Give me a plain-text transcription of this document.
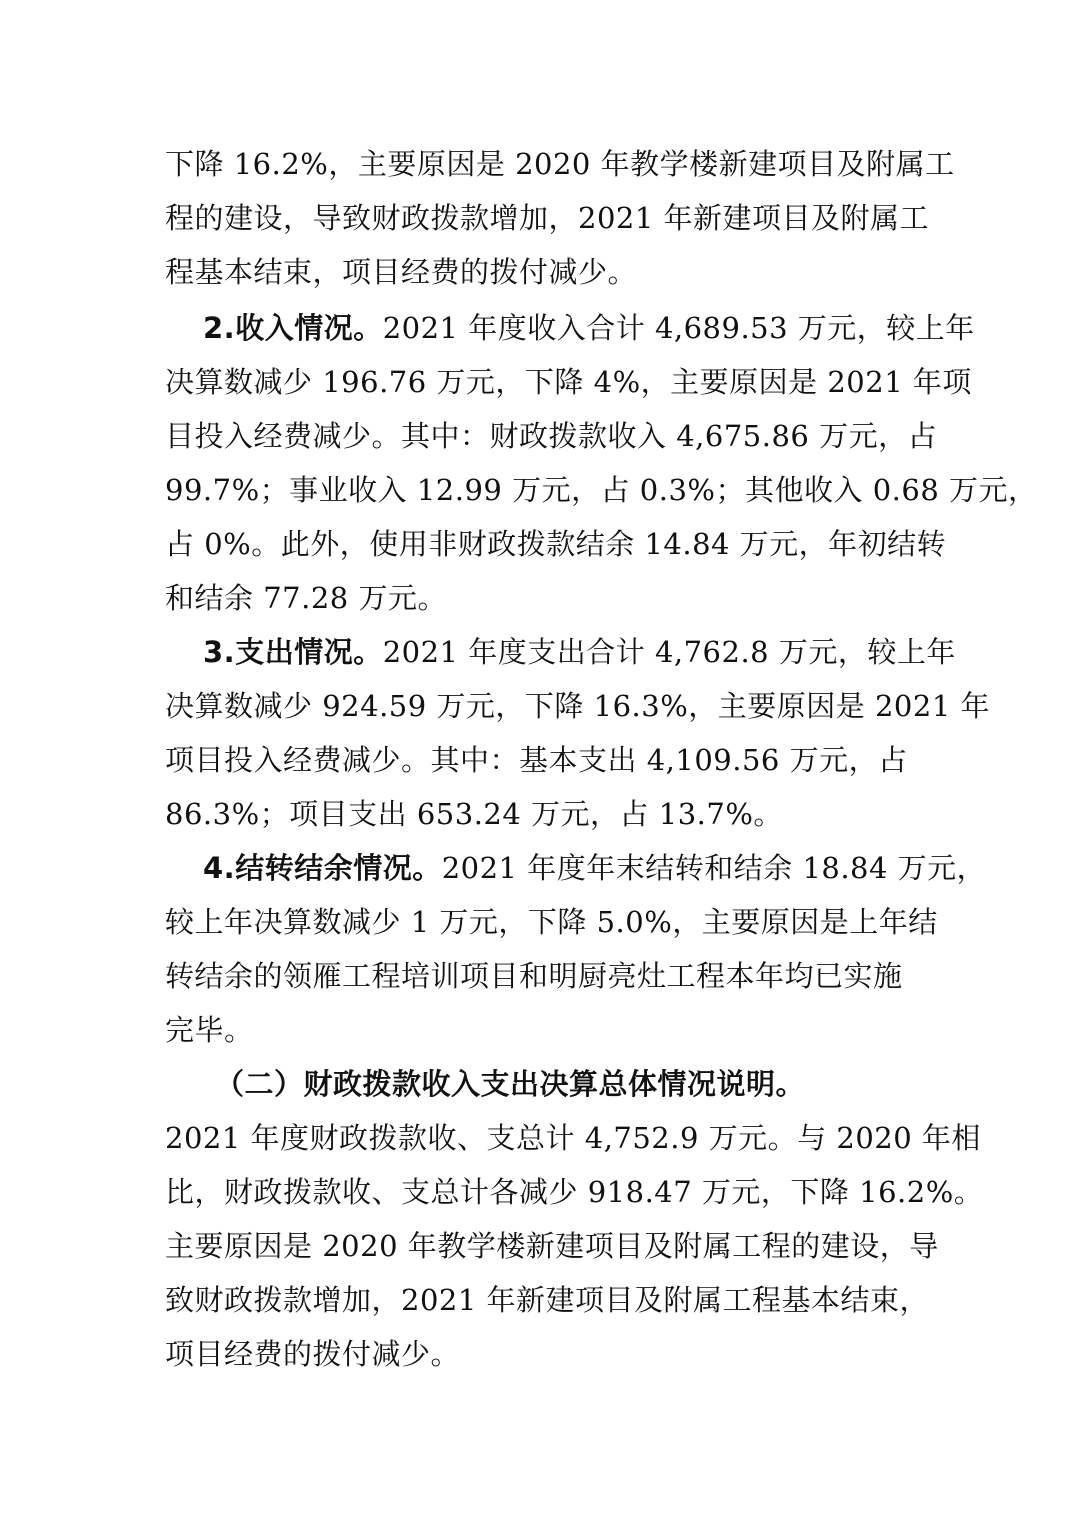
下降 16.2%，主要原因是 2020 年教学楼新建项目及附属工
程的建设，导致财政拨款增加，2021 年新建项目及附属工
程基本结束，项目经费的拨付减少。
2.收入情况。2021 年度收入合计 4,689.53 万元，较上年
决算数减少 196.76 万元，下降 4%，主要原因是 2021 年项
目投入经费减少。其中：财政拨款收入 4,675.86 万元，占
99.7%；事业收入 12.99 万元，占 0.3%；其他收入 0.68 万元，
占 0%。此外，使用非财政拨款结余 14.84 万元，年初结转
和结余 77.28 万元。
3.支出情况。2021 年度支出合计 4,762.8 万元，较上年
决算数减少 924.59 万元，下降 16.3%，主要原因是 2021 年
项目投入经费减少。其中：基本支出 4,109.56 万元，占
86.3%；项目支出 653.24 万元，占 13.7%。
4.结转结余情况。2021 年度年末结转和结余 18.84 万元，
较上年决算数减少 1 万元，下降 5.0%，主要原因是上年结
转结余的领雁工程培训项目和明厨亮灶工程本年均已实施
完毕。
（二）财政拨款收入支出决算总体情况说明。
2021 年度财政拨款收、支总计 4,752.9 万元。与 2020 年相
比，财政拨款收、支总计各减少 918.47 万元，下降 16.2%。
主要原因是 2020 年教学楼新建项目及附属工程的建设，导
致财政拨款增加，2021 年新建项目及附属工程基本结束，
项目经费的拨付减少。
